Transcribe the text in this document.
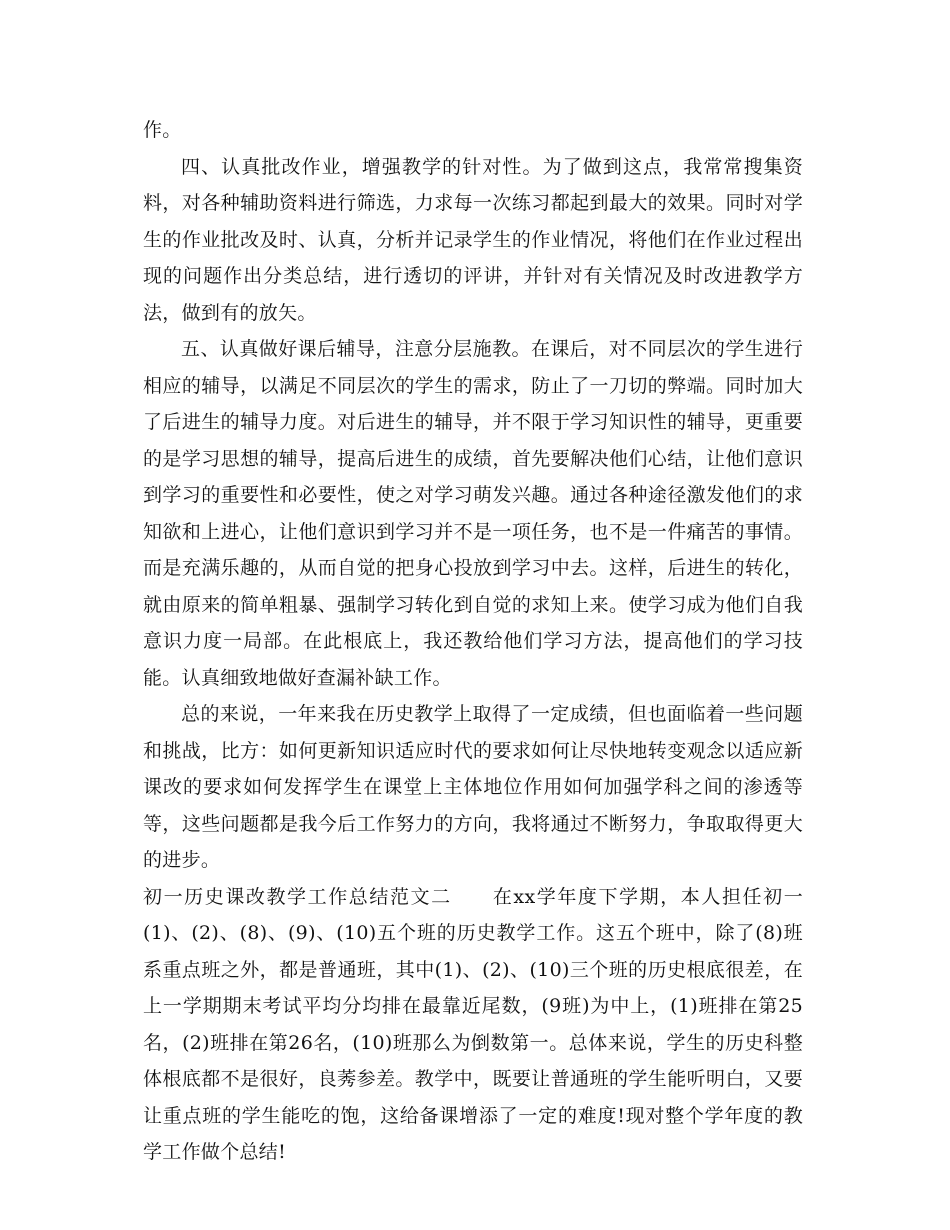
作。

四、认真批改作业，增强教学的针对性。为了做到这点，我常常搜集资料，对各种辅助资料进行筛选，力求每一次练习都起到最大的效果。同时对学生的作业批改及时、认真，分析并记录学生的作业情况，将他们在作业过程出现的问题作出分类总结，进行透切的评讲，并针对有关情况及时改进教学方法，做到有的放矢。

五、认真做好课后辅导，注意分层施教。在课后，对不同层次的学生进行相应的辅导，以满足不同层次的学生的需求，防止了一刀切的弊端。同时加大了后进生的辅导力度。对后进生的辅导，并不限于学习知识性的辅导，更重要的是学习思想的辅导，提高后进生的成绩，首先要解决他们心结，让他们意识到学习的重要性和必要性，使之对学习萌发兴趣。通过各种途径激发他们的求知欲和上进心，让他们意识到学习并不是一项任务，也不是一件痛苦的事情。而是充满乐趣的，从而自觉的把身心投放到学习中去。这样，后进生的转化，就由原来的简单粗暴、强制学习转化到自觉的求知上来。使学习成为他们自我意识力度一局部。在此根底上，我还教给他们学习方法，提高他们的学习技能。认真细致地做好查漏补缺工作。

总的来说，一年来我在历史教学上取得了一定成绩，但也面临着一些问题和挑战，比方：如何更新知识适应时代的要求如何让尽快地转变观念以适应新课改的要求如何发挥学生在课堂上主体地位作用如何加强学科之间的渗透等等，这些问题都是我今后工作努力的方向，我将通过不断努力，争取取得更大的进步。

初一历史课改教学工作总结范文二　　在xx学年度下学期，本人担任初一(1)、(2)、(8)、(9)、(10)五个班的历史教学工作。这五个班中，除了(8)班系重点班之外，都是普通班，其中(1)、(2)、(10)三个班的历史根底很差，在上一学期期末考试平均分均排在最靠近尾数，(9班)为中上，(1)班排在第25名，(2)班排在第26名，(10)班那么为倒数第一。总体来说，学生的历史科整体根底都不是很好，良莠参差。教学中，既要让普通班的学生能听明白，又要让重点班的学生能吃的饱，这给备课增添了一定的难度!现对整个学年度的教学工作做个总结!
